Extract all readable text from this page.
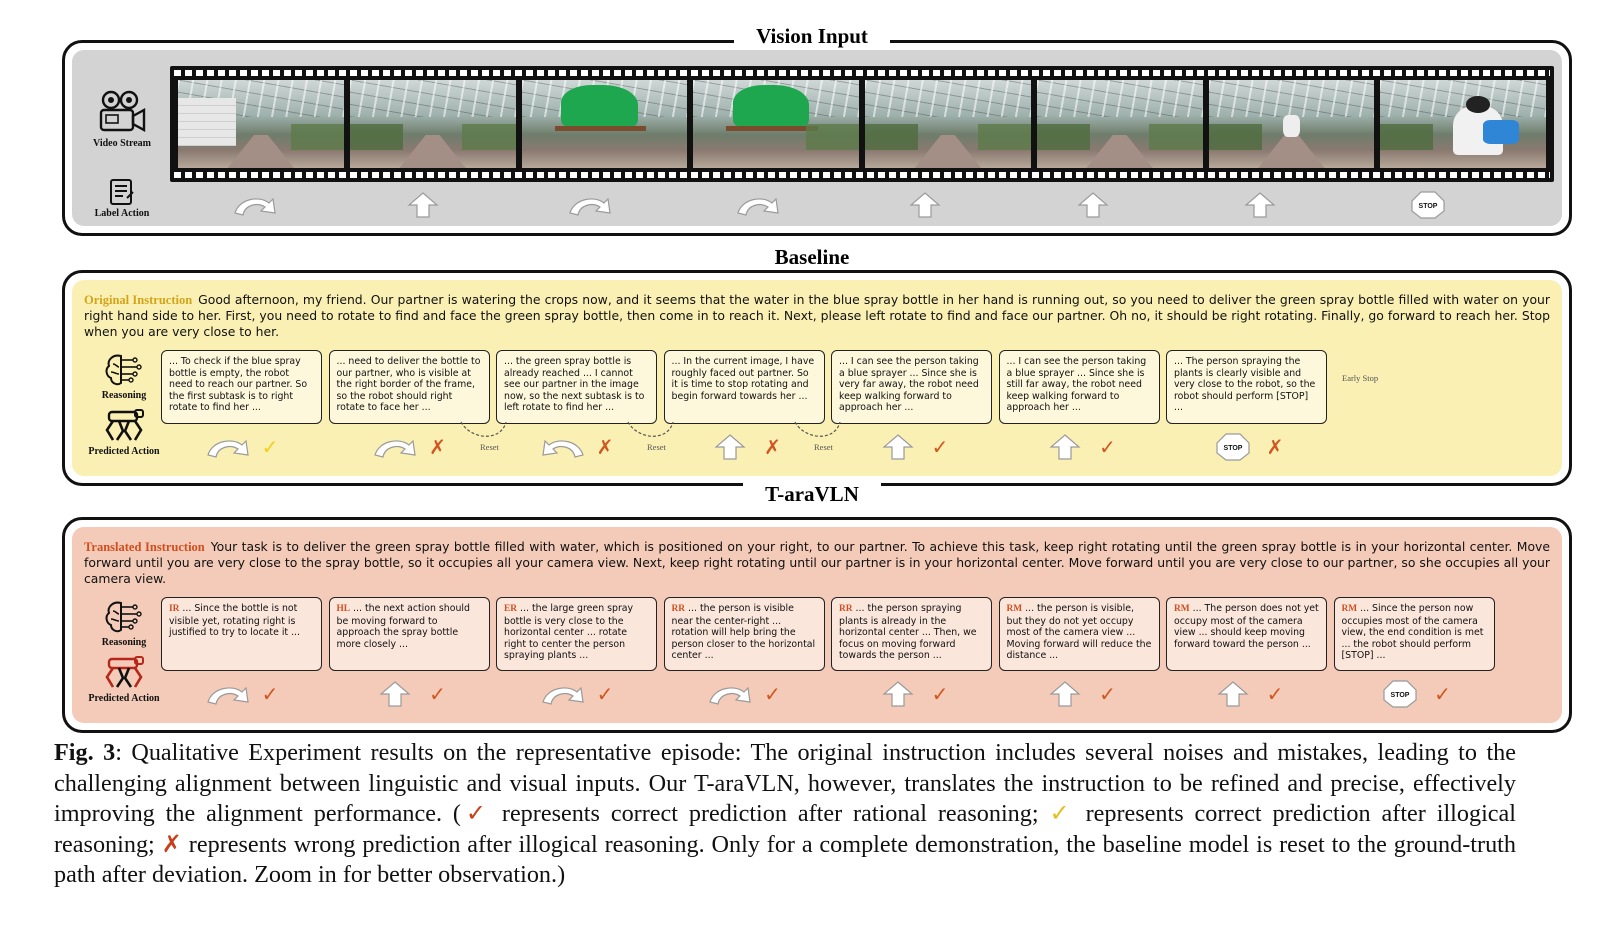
Vision Input
Video Stream
Label Action
STOP
Baseline
Original Instruction Good afternoon, my friend. Our partner is watering the crops now, and it seems that the water in the blue spray bottle in her hand is running out, so you need to deliver the green spray bottle filled with water on your right hand side to her. First, you need to rotate to find and face the green spray bottle, then come in to reach it. Next, please left rotate to find and face our partner. Oh no, it should be right rotating. Finally, go forward to reach her. Stop when you are very close to her.
Reasoning
Predicted Action
... To check if the blue spray bottle is empty, the robot need to reach our partner. So the first subtask is to right rotate to find her ...
... need to deliver the bottle to our partner, who is visible at the right border of the frame, so the robot should right rotate to face her ...
... the green spray bottle is already reached ... I cannot see our partner in the image now, so the next subtask is to left rotate to find her ...
... In the current image, I have roughly faced out partner. So it is time to stop rotating and begin forward towards her ...
... I can see the person taking a blue sprayer ... Since she is very far away, the robot need keep walking forward to approach her ...
... I can see the person taking a blue sprayer ... Since she is still far away, the robot need keep walking forward to approach her ...
... The person spraying the plants is clearly visible and very close to the robot, so the robot should perform [STOP] ...
Reset	Reset	Reset
Early Stop
✓	✗	✗	✗	✓	✓	STOP ✗
T-araVLN
Translated Instruction Your task is to deliver the green spray bottle filled with water, which is positioned on your right, to our partner. To achieve this task, keep right rotating until the green spray bottle is in your horizontal center. Move forward until you are very close to the spray bottle, so it occupies all your camera view. Next, keep right rotating until our partner is in your horizontal center. Move forward until you are very close to our partner, so she occupies all your camera view.
Reasoning
Predicted Action
IR ... Since the bottle is not visible yet, rotating right is justified to try to locate it ...
HL ... the next action should be moving forward to approach the spray bottle more closely ...
ER ... the large green spray bottle is very close to the horizontal center ... rotate right to center the person spraying plants ...
RR ... the person is visible near the center-right ... rotation will help bring the person closer to the horizontal center ...
RR ... the person spraying plants is already in the horizontal center ... Then, we focus on moving forward towards the person ...
RM ... the person is visible, but they do not yet occupy most of the camera view ... Moving forward will reduce the distance ...
RM ... The person does not yet occupy most of the camera view ... should keep moving forward toward the person ...
RM ... Since the person now occupies most of the camera view, the end condition is met ... the robot should perform [STOP] ...
✓	✓	✓	✓	✓	✓	✓	STOP ✓
Fig. 3: Qualitative Experiment results on the representative episode: The original instruction includes several noises and mistakes, leading to the challenging alignment between linguistic and visual inputs. Our T-araVLN, however, translates the instruction to be refined and precise, effectively improving the alignment performance. (✓ represents correct prediction after rational reasoning; ✓ represents correct prediction after illogical reasoning; ✗ represents wrong prediction after illogical reasoning. Only for a complete demonstration, the baseline model is reset to the ground-truth path after deviation. Zoom in for better observation.)
